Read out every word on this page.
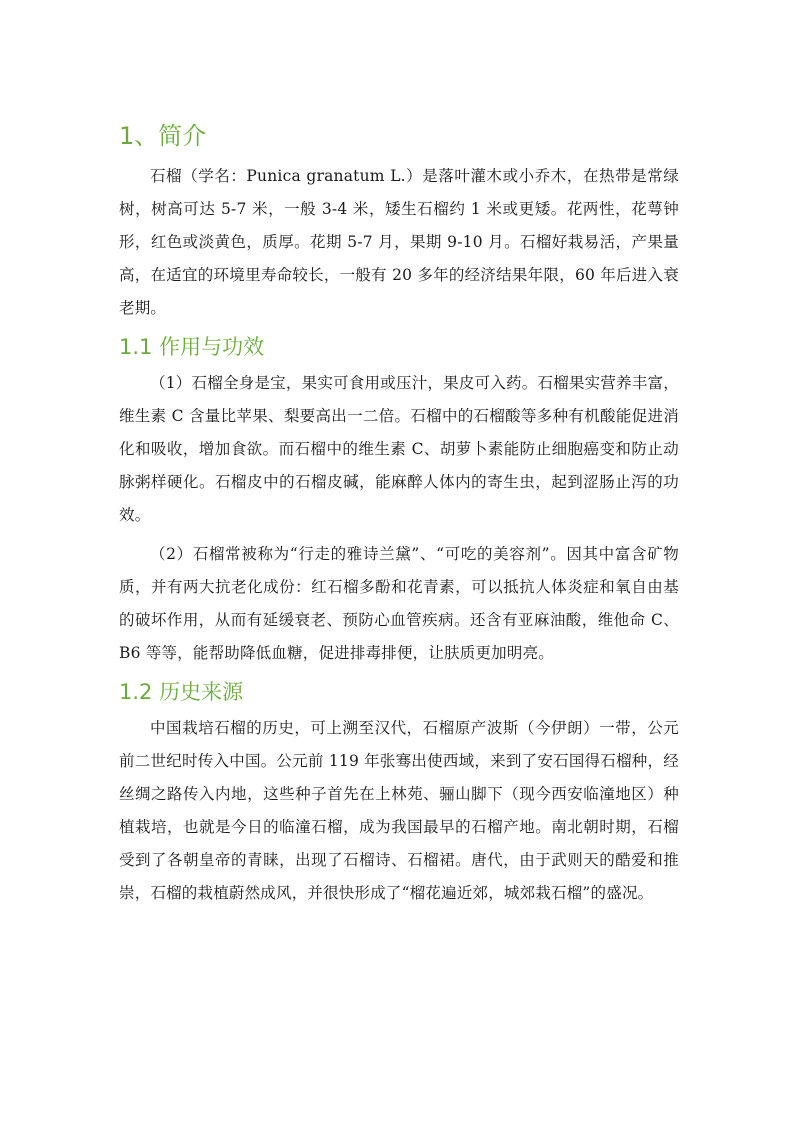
1、简介

石榴（学名：Punica granatum L.）是落叶灌木或小乔木，在热带是常绿树，树高可达 5-7 米，一般 3-4 米，矮生石榴约 1 米或更矮。花两性，花萼钟形，红色或淡黄色，质厚。花期 5-7 月，果期 9-10 月。石榴好栽易活，产果量高，在适宜的环境里寿命较长，一般有 20 多年的经济结果年限，60 年后进入衰老期。

1.1 作用与功效

（1）石榴全身是宝，果实可食用或压汁，果皮可入药。石榴果实营养丰富，维生素 C 含量比苹果、梨要高出一二倍。石榴中的石榴酸等多种有机酸能促进消化和吸收，增加食欲。而石榴中的维生素 C、胡萝卜素能防止细胞癌变和防止动脉粥样硬化。石榴皮中的石榴皮碱，能麻醉人体内的寄生虫，起到涩肠止泻的功效。

（2）石榴常被称为“行走的雅诗兰黛”、“可吃的美容剂”。因其中富含矿物质，并有两大抗老化成份：红石榴多酚和花青素，可以抵抗人体炎症和氧自由基的破坏作用，从而有延缓衰老、预防心血管疾病。还含有亚麻油酸，维他命 C、B6 等等，能帮助降低血糖，促进排毒排便，让肤质更加明亮。

1.2 历史来源

中国栽培石榴的历史，可上溯至汉代，石榴原产波斯（今伊朗）一带，公元前二世纪时传入中国。公元前 119 年张骞出使西域，来到了安石国得石榴种，经丝绸之路传入内地，这些种子首先在上林苑、骊山脚下（现今西安临潼地区）种植栽培，也就是今日的临潼石榴，成为我国最早的石榴产地。南北朝时期，石榴受到了各朝皇帝的青睐，出现了石榴诗、石榴裙。唐代，由于武则天的酷爱和推崇，石榴的栽植蔚然成风，并很快形成了“榴花遍近郊，城郊栽石榴”的盛况。
